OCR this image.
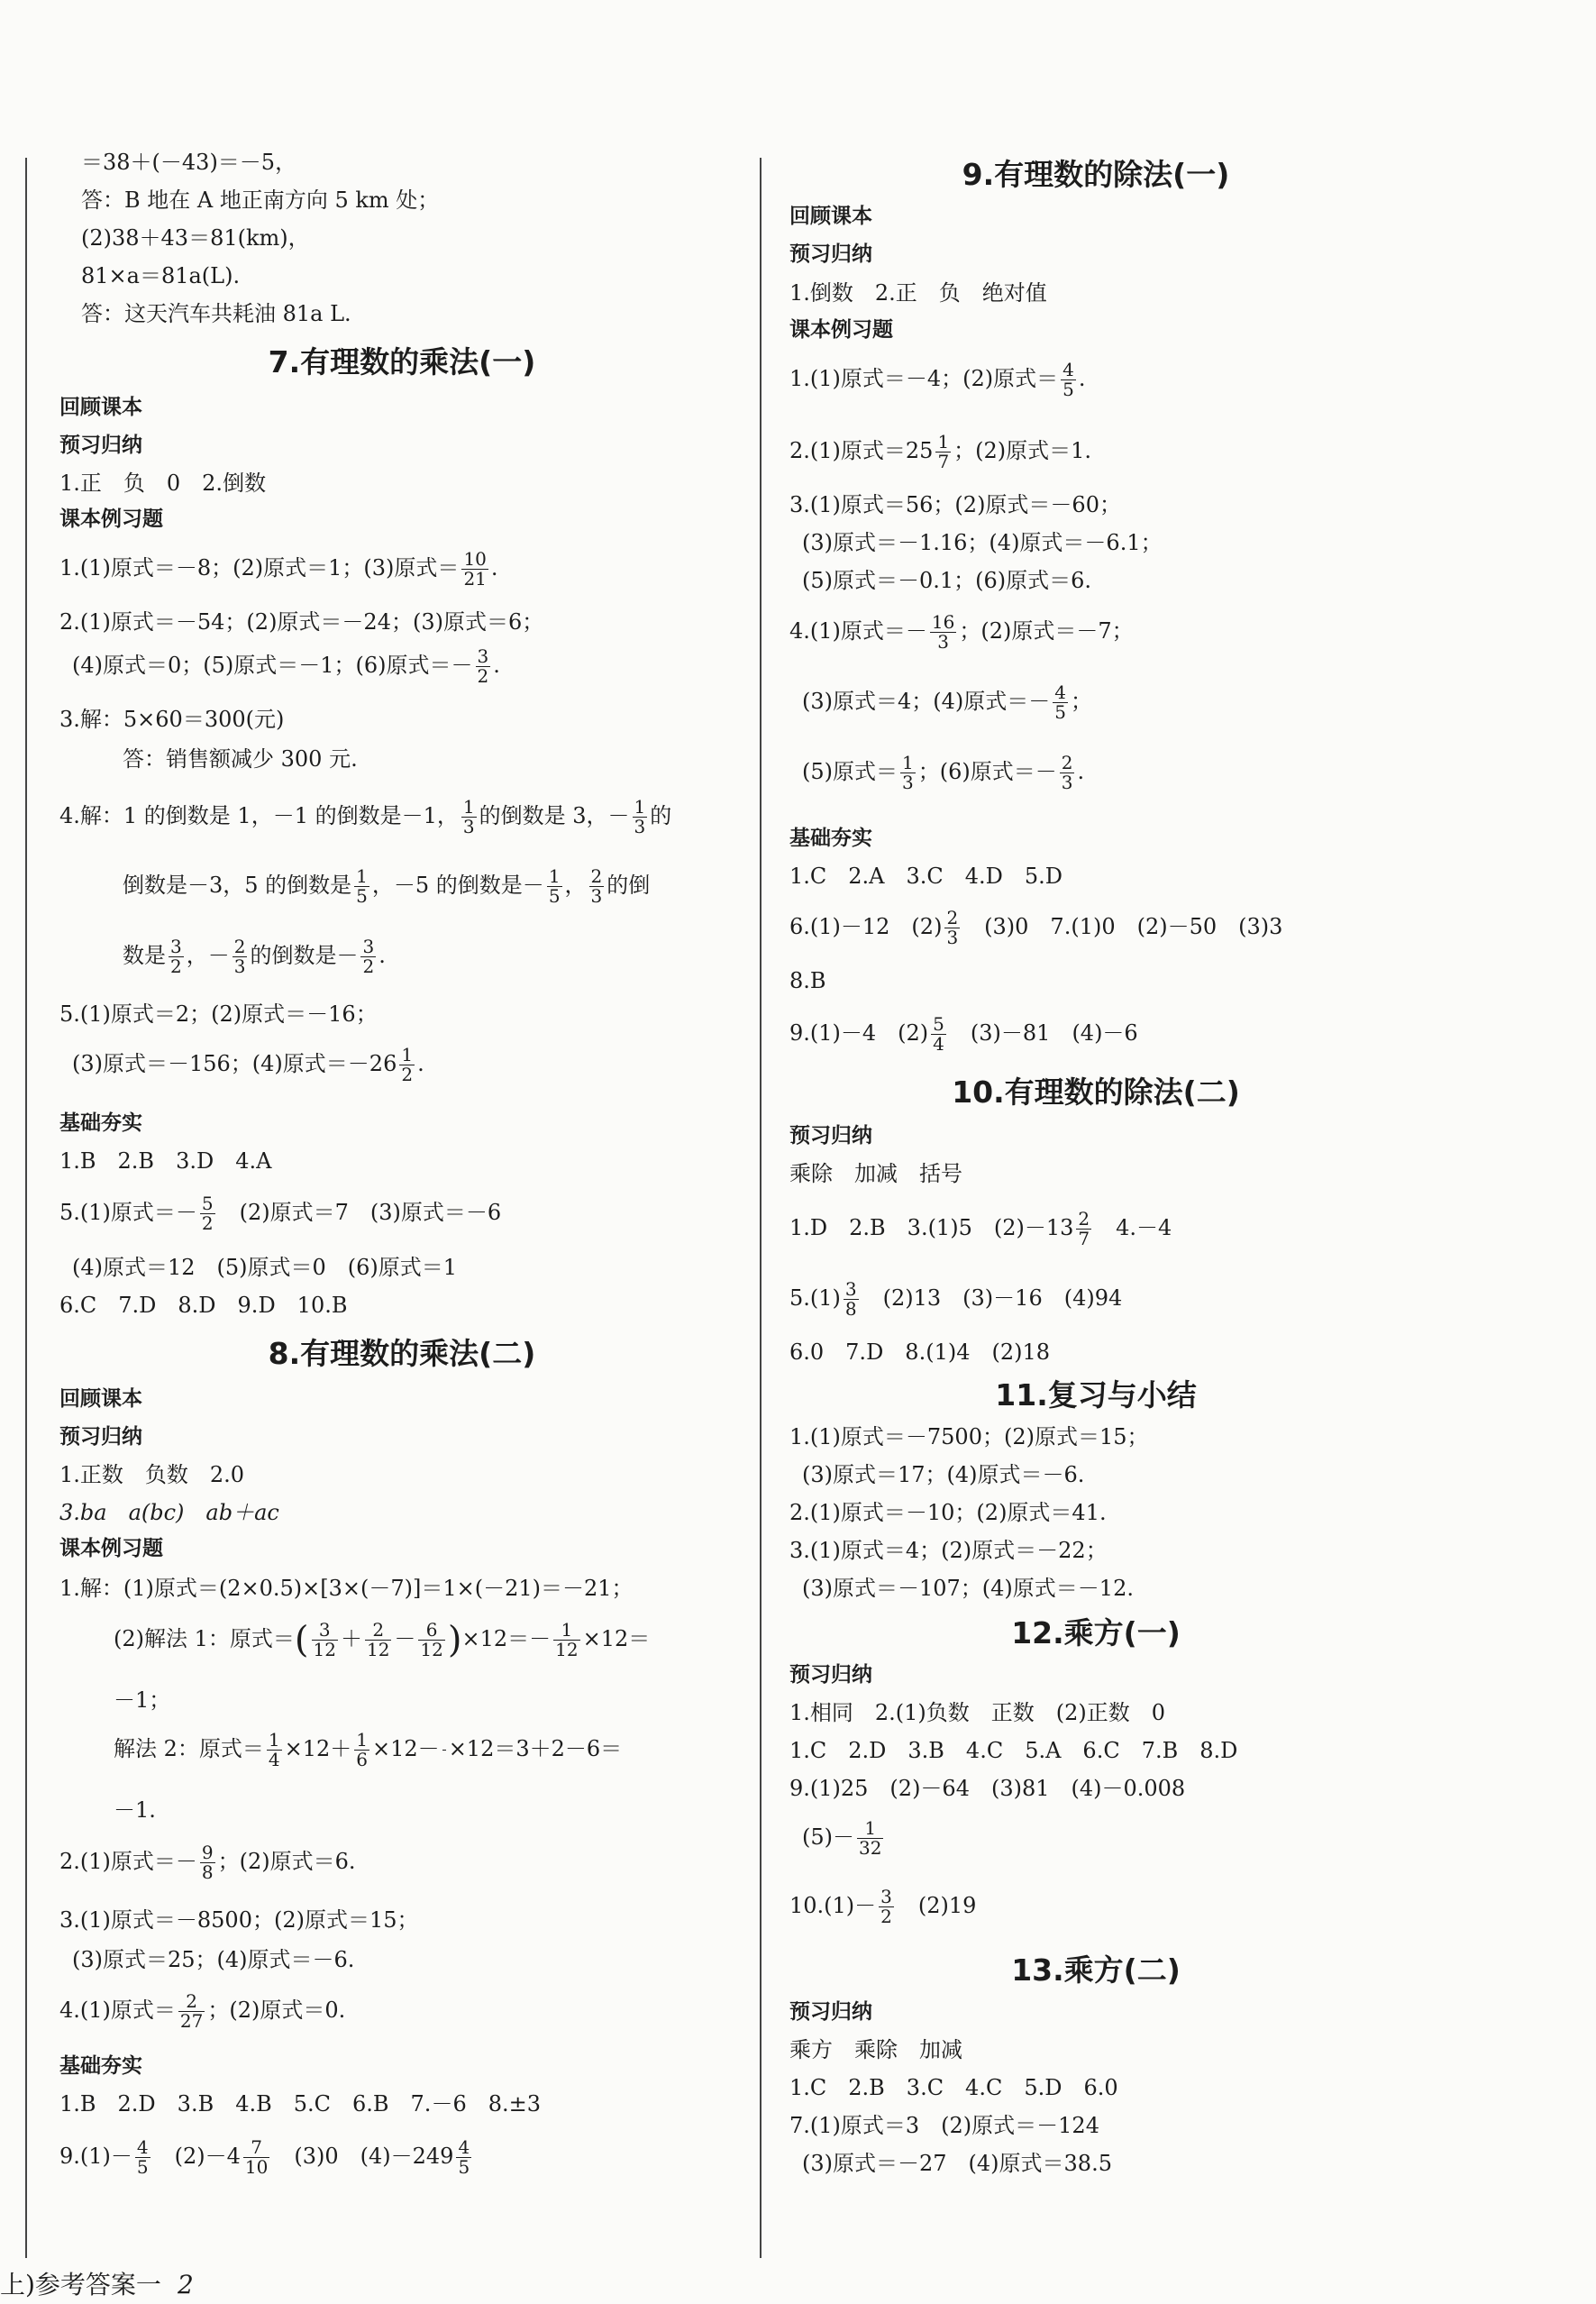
＝38＋(－43)＝－5，
答：B 地在 A 地正南方向 5 km 处；
(2)38＋43＝81(km)，
81×a＝81a(L).
答：这天汽车共耗油 81a L.
7.有理数的乘法(一)
回顾课本
预习归纳
1.正　负　0　2.倒数
课本例习题
1.(1)原式＝－8；(2)原式＝1；(3)原式＝ $\frac{10}{21}$ .
2.(1)原式＝－54；(2)原式＝－24；(3)原式＝6；
(4)原式＝0；(5)原式＝－1；(6)原式＝－ $\frac{3}{2}$ .
3.解：5×60＝300(元)
答：销售额减少 300 元.
4.解：1 的倒数是 1，－1 的倒数是－1， $\frac{1}{3}$ 的倒数是 3，－ $\frac{1}{3}$ 的
倒数是－3，5 的倒数是 $\frac{1}{5}$ ，－5 的倒数是－ $\frac{1}{5}$ ， $\frac{2}{3}$ 的倒
数是 $\frac{3}{2}$ ，－ $\frac{2}{3}$ 的倒数是－ $\frac{3}{2}$ .
5.(1)原式＝2；(2)原式＝－16；
(3)原式＝－156；(4)原式$=-26 \frac{1}{2}$ .
基础夯实
1.B　2.B　3.D　4.A
5.(1)原式＝－ $\frac{5}{2}$ 　(2)原式＝7　(3)原式＝－6
(4)原式＝12　(5)原式＝0　(6)原式＝1
6.C　7.D　8.D　9.D　10.B
8.有理数的乘法(二)
回顾课本
预习归纳
1.正数　负数　2.0
3.ba　a(bc)　ab＋ac
课本例习题
1.解：(1)原式＝(2×0.5)×[3×(－7)]＝1×(－21)＝－21；
(2)解法 1：原式＝( $\frac{3}{12} + \frac{2}{12} - \frac{6}{12} )\times 12=- \frac{1}{12} \times 12=$
－1；
解法 2：原式＝ $\frac{1}{4} \times 12+ \frac{1}{6} \times 12- \times 12=3+2-6=$
－1.
2.(1)原式＝－ $\frac{9}{8}$ ；(2)原式＝6.
3.(1)原式＝－8500；(2)原式＝15；
(3)原式＝25；(4)原式＝－6.
4.(1)原式＝ $\frac{2}{27}$ ；(2)原式＝0.
基础夯实
1.B　2.D　3.B　4.B　5.C　6.B　7.－6　8.±3
$9.(1)- \frac{4}{5}$ 　$(2)-4 \frac{7}{10}$ 　(3)0　$(4)-249 \frac{4}{5}$
上)参考答案一 2
9.有理数的除法(一)
回顾课本
预习归纳
1.倒数　2.正　负　绝对值
课本例习题
1.(1)原式＝－4；(2)原式＝ $\frac{4}{5}$ .
2.(1)原式$=25 \frac{1}{7}$ ；(2)原式＝1.
3.(1)原式＝56；(2)原式＝－60；
(3)原式＝－1.16；(4)原式＝－6.1；
(5)原式＝－0.1；(6)原式＝6.
4.(1)原式＝－ $\frac{16}{3}$ ；(2)原式＝－7；
(3)原式＝4；(4)原式＝－ $\frac{4}{5}$ ；
(5)原式＝ $\frac{1}{3}$ ；(6)原式＝－ $\frac{2}{3}$ .
基础夯实
1.C　2.A　3.C　4.D　5.D
6.(1)－12　$(2) \frac{2}{3}$ 　(3)0　7.(1)0　(2)－50　(3)3
8.B
9.(1)－4　$(2) \frac{5}{4}$ 　(3)－81　(4)－6
10.有理数的除法(二)
预习归纳
乘除　加减　括号
1.D　2.B　3.(1)5　$(2)-13 \frac{2}{7}$ 　4.－4
$5.(1) \frac{3}{8}$ 　(2)13　(3)－16　(4)94
6.0　7.D　8.(1)4　(2)18
11.复习与小结
1.(1)原式＝－7500；(2)原式＝15；
(3)原式＝17；(4)原式＝－6.
2.(1)原式＝－10；(2)原式＝41.
3.(1)原式＝4；(2)原式＝－22；
(3)原式＝－107；(4)原式＝－12.
12.乘方(一)
预习归纳
1.相同　2.(1)负数　正数　(2)正数　0
1.C　2.D　3.B　4.C　5.A　6.C　7.B　8.D
9.(1)25　(2)－64　(3)81　(4)－0.008
$(5)- \frac{1}{32}$
$10.(1)- \frac{3}{2}$ 　(2)19
13.乘方(二)
预习归纳
乘方　乘除　加减
1.C　2.B　3.C　4.C　5.D　6.0
7.(1)原式＝3　(2)原式＝－124
(3)原式＝－27　(4)原式＝38.5
